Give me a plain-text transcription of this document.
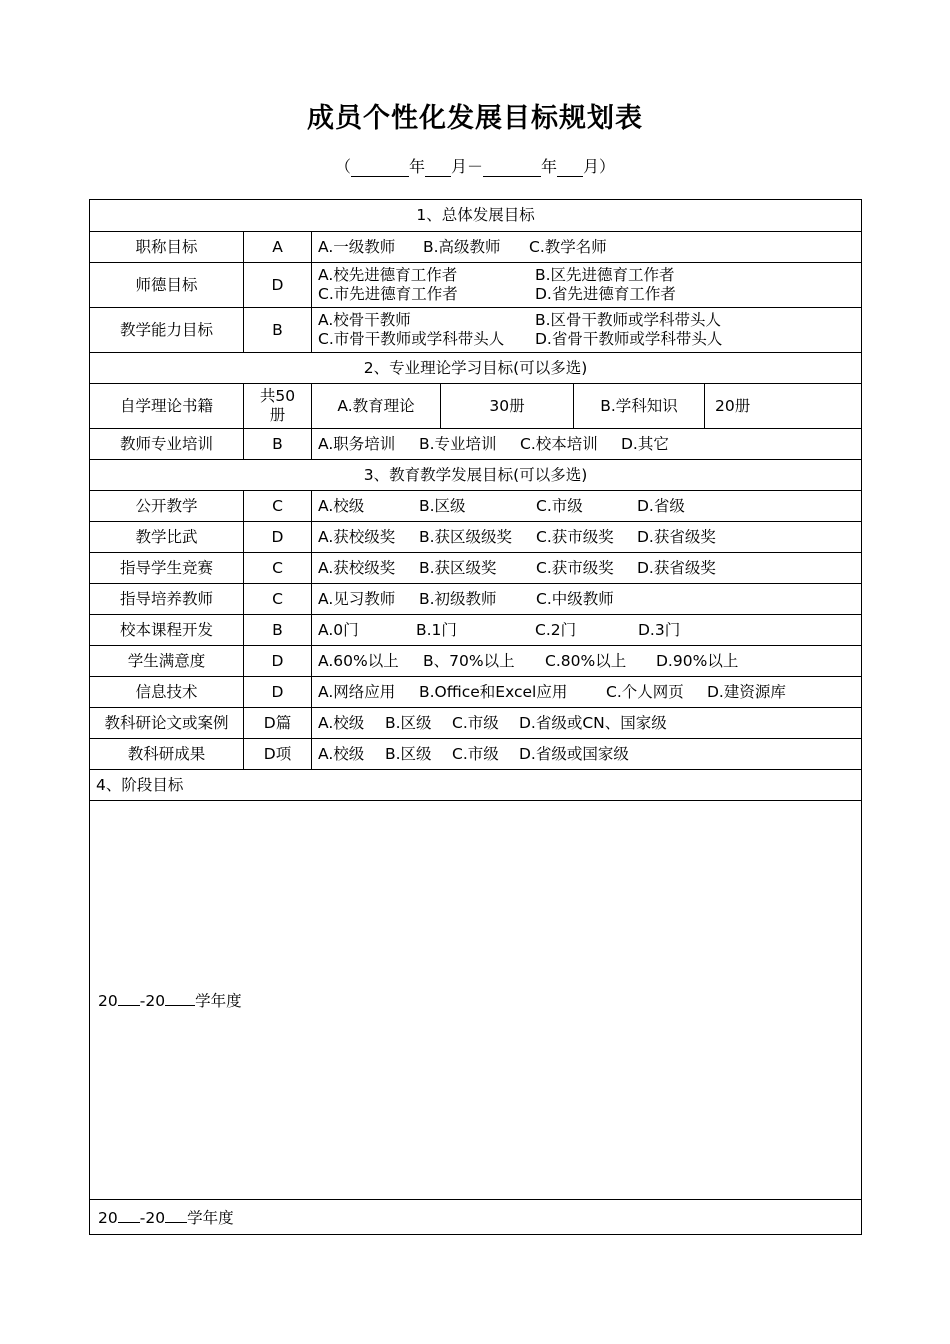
成员个性化发展目标规划表
（	年 月－	年 月）
1、总体发展目标					
职称目标	A	A.一级教师 B.高级教师 C.教学名师			
师德目标	D	A.校先进德育工作者 B.区先进德育工作者
C.市先进德育工作者 D.省先进德育工作者			
教学能力目标	B	A.校骨干教师 B.区骨干教师或学科带头人
C.市骨干教师或学科带头人 D.省骨干教师或学科带头人			
2、专业理论学习目标(可以多选)					
自学理论书籍	共50册	A.教育理论	30册	B.学科知识	20册
教师专业培训	B	A.职务培训 B.专业培训 C.校本培训 D.其它			
3、教育教学发展目标(可以多选)					
公开教学	C	A.校级 B.区级 C.市级 D.省级			
教学比武	D	A.获校级奖 B.获区级级奖 C.获市级奖 D.获省级奖			
指导学生竞赛	C	A.获校级奖 B.获区级奖 C.获市级奖 D.获省级奖			
指导培养教师	C	A.见习教师 B.初级教师 C.中级教师			
校本课程开发	B	A.0门 B.1门 C.2门 D.3门			
学生满意度	D	A.60%以上 B、70%以上 C.80%以上 D.90%以上			
信息技术	D	A.网络应用 B.Office和Excel应用 C.个人网页 D.建资源库			
教科研论文或案例	D篇	A.校级 B.区级 C.市级 D.省级或CN、国家级			
教科研成果	D项	A.校级 B.区级 C.市级 D.省级或国家级			
4、阶段目标					

20 -20 学年度					

20 -20 学年度					
